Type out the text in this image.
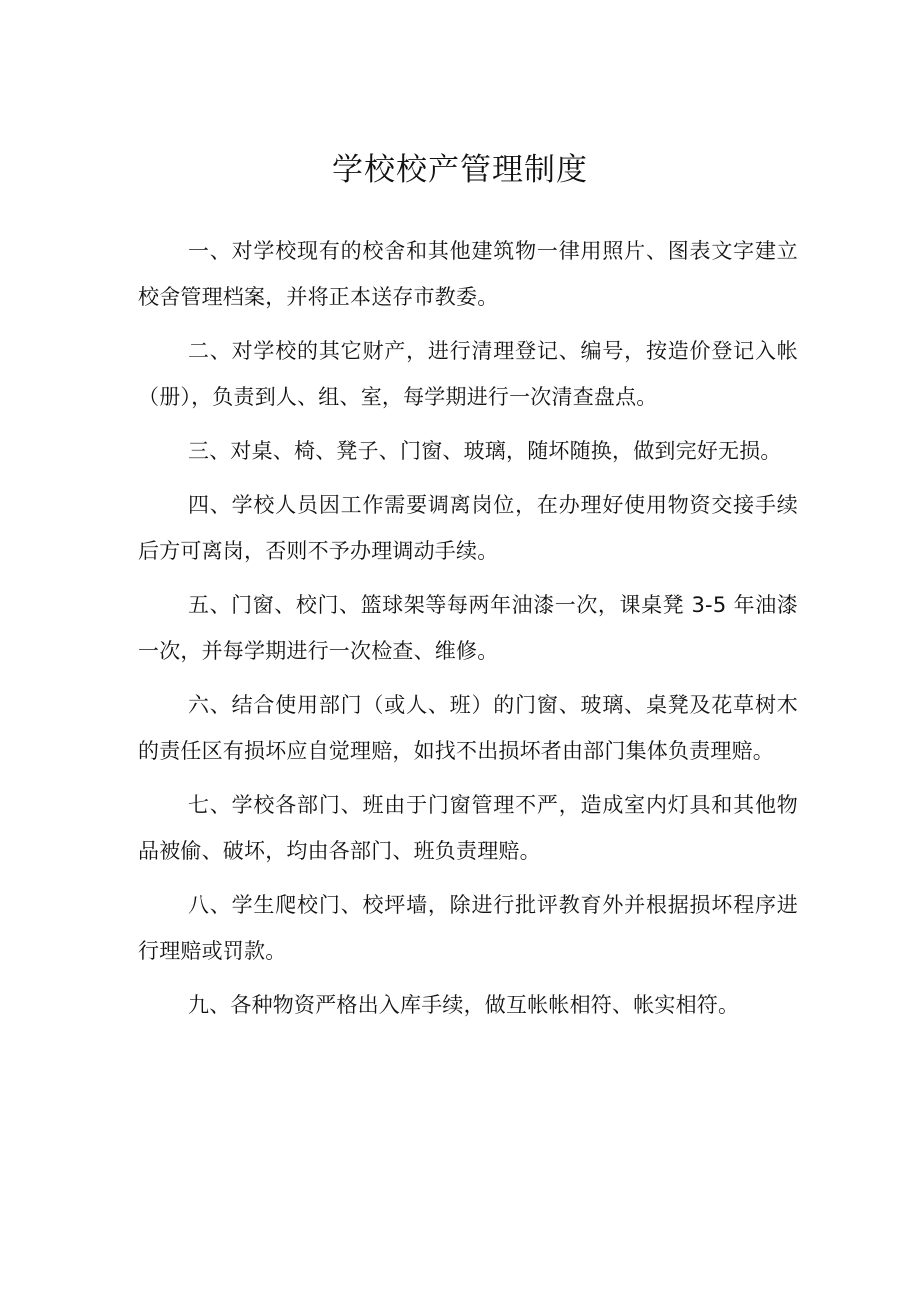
学校校产管理制度

一、对学校现有的校舍和其他建筑物一律用照片、图表文字建立校舍管理档案，并将正本送存市教委。

二、对学校的其它财产，进行清理登记、编号，按造价登记入帐（册），负责到人、组、室，每学期进行一次清查盘点。

三、对桌、椅、凳子、门窗、玻璃，随坏随换，做到完好无损。

四、学校人员因工作需要调离岗位，在办理好使用物资交接手续后方可离岗，否则不予办理调动手续。

五、门窗、校门、篮球架等每两年油漆一次，课桌凳 3-5 年油漆一次，并每学期进行一次检查、维修。

六、结合使用部门（或人、班）的门窗、玻璃、桌凳及花草树木的责任区有损坏应自觉理赔，如找不出损坏者由部门集体负责理赔。

七、学校各部门、班由于门窗管理不严，造成室内灯具和其他物品被偷、破坏，均由各部门、班负责理赔。

八、学生爬校门、校坪墙，除进行批评教育外并根据损坏程序进行理赔或罚款。

九、各种物资严格出入库手续，做互帐帐相符、帐实相符。
